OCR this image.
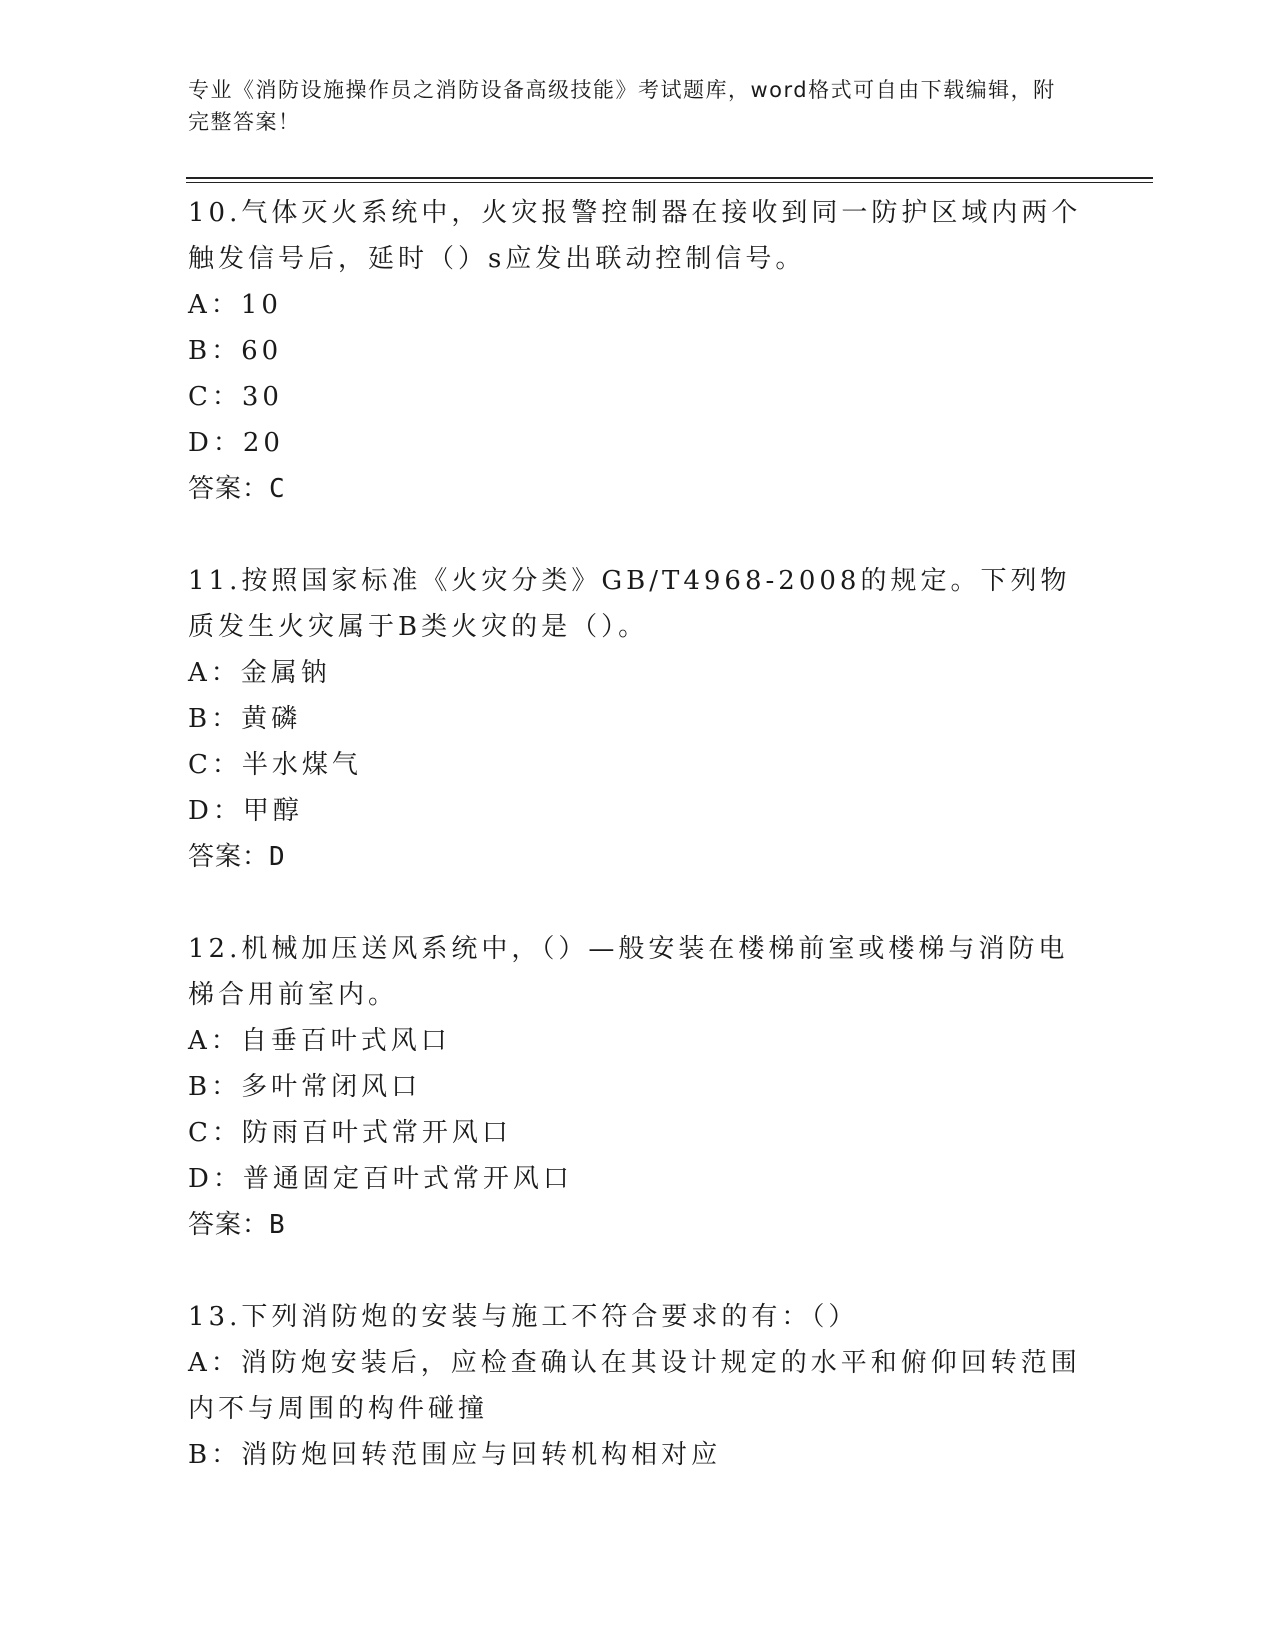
专业《消防设施操作员之消防设备高级技能》考试题库，word格式可自由下载编辑，附完整答案！

10.气体灭火系统中，火灾报警控制器在接收到同一防护区域内两个触发信号后，延时（）s应发出联动控制信号。

A：10
B：60
C：30
D：20
答案：C

11.按照国家标准《火灾分类》GB/T4968-2008的规定。下列物质发生火灾属于B类火灾的是（）。

A：金属钠
B：黄磷
C：半水煤气
D：甲醇
答案：D

12.机械加压送风系统中，（）—般安装在楼梯前室或楼梯与消防电梯合用前室内。

A：自垂百叶式风口
B：多叶常闭风口
C：防雨百叶式常开风口
D：普通固定百叶式常开风口
答案：B

13.下列消防炮的安装与施工不符合要求的有：（）

A：消防炮安装后，应检查确认在其设计规定的水平和俯仰回转范围内不与周围的构件碰撞
B：消防炮回转范围应与回转机构相对应
